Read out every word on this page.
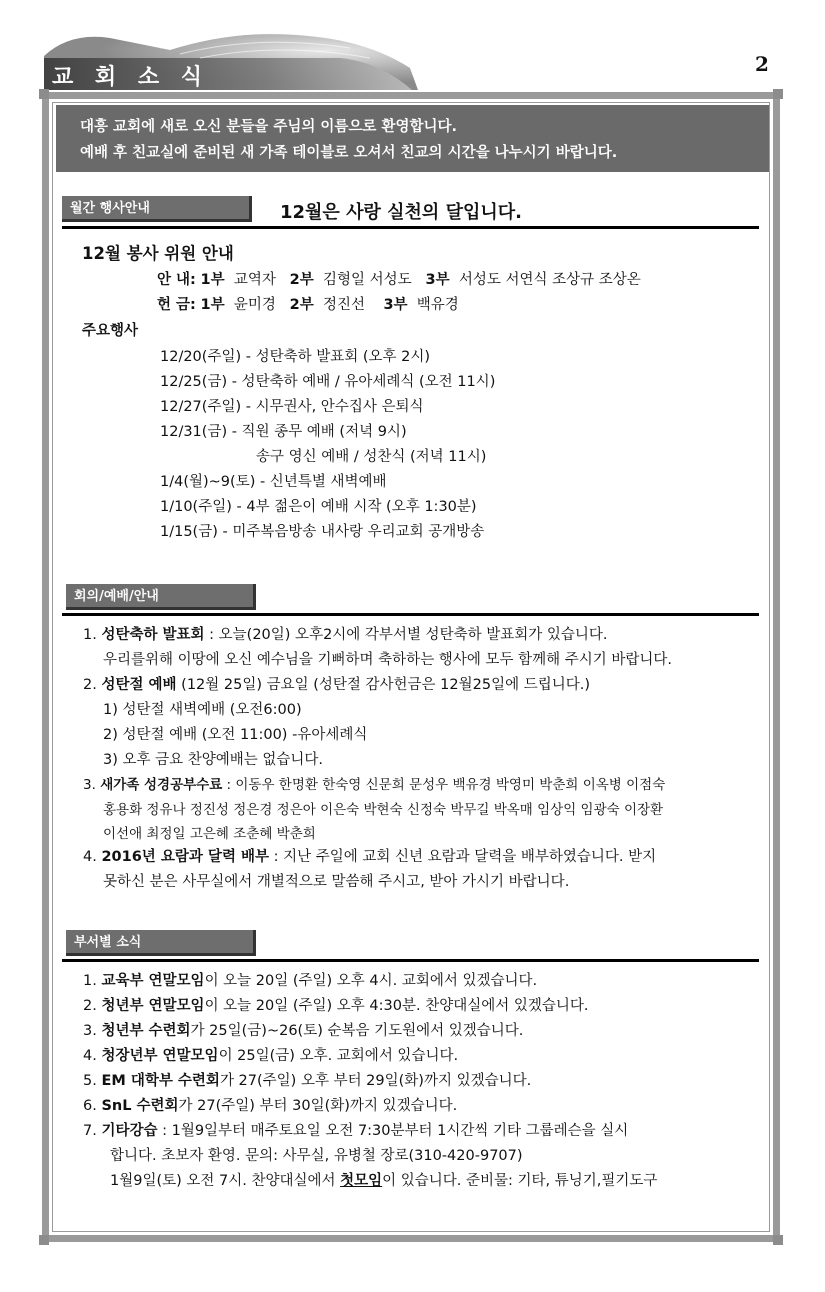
교 회 소 식
2
대흥 교회에 새로 오신 분들을 주님의 이름으로 환영합니다.
예배 후 친교실에 준비된 새 가족 테이블로 오셔서 친교의 시간을 나누시기 바랍니다.
월간 행사안내	12월은 사랑 실천의 달입니다.
12월 봉사 위원 안내
안 내: 1부 교역자 2부 김형일 서성도 3부 서성도 서연식 조상규 조상온
헌 금: 1부 윤미경 2부 정진선 3부 백유경
주요행사
12/20(주일) - 성탄축하 발표회 (오후 2시)
12/25(금) - 성탄축하 예배 / 유아세례식 (오전 11시)
12/27(주일) - 시무권사, 안수집사 은퇴식
12/31(금) - 직원 종무 예배 (저녁 9시)
송구 영신 예배 / 성찬식 (저녁 11시)
1/4(월)~9(토) - 신년특별 새벽예배
1/10(주일) - 4부 젊은이 예배 시작 (오후 1:30분)
1/15(금) - 미주복음방송 내사랑 우리교회 공개방송
회의/예배/안내
1. 성탄축하 발표회 : 오늘(20일) 오후2시에 각부서별 성탄축하 발표회가 있습니다.
우리를위해 이땅에 오신 예수님을 기뻐하며 축하하는 행사에 모두 함께해 주시기 바랍니다.
2. 성탄절 예배 (12월 25일) 금요일 (성탄절 감사헌금은 12월25일에 드립니다.)
1) 성탄절 새벽예배 (오전6:00)
2) 성탄절 예배 (오전 11:00) -유아세례식
3) 오후 금요 찬양예배는 없습니다.
3. 새가족 성경공부수료 : 이동우 한명환 한숙영 신문희 문성우 백유경 박영미 박춘희 이옥병 이점숙
홍용화 정유나 정진성 정은경 정은아 이은숙 박현숙 신정숙 박무길 박옥매 임상익 임광숙 이장환
이선애 최정일 고은혜 조춘혜 박춘희
4. 2016년 요람과 달력 배부 : 지난 주일에 교회 신년 요람과 달력을 배부하였습니다. 받지
못하신 분은 사무실에서 개별적으로 말씀해 주시고, 받아 가시기 바랍니다.
부서별 소식
1. 교육부 연말모임이 오늘 20일 (주일) 오후 4시. 교회에서 있겠습니다.
2. 청년부 연말모임이 오늘 20일 (주일) 오후 4:30분. 찬양대실에서 있겠습니다.
3. 청년부 수련회가 25일(금)~26(토) 순복음 기도원에서 있겠습니다.
4. 청장년부 연말모임이 25일(금) 오후. 교회에서 있습니다.
5. EM 대학부 수련회가 27(주일) 오후 부터 29일(화)까지 있겠습니다.
6. SnL 수련회가 27(주일) 부터 30일(화)까지 있겠습니다.
7. 기타강습 : 1월9일부터 매주토요일 오전 7:30분부터 1시간씩 기타 그룹레슨을 실시
합니다. 초보자 환영. 문의: 사무실, 유병철 장로(310-420-9707)
1월9일(토) 오전 7시. 찬양대실에서 첫모임이 있습니다. 준비물: 기타, 튜닝기,필기도구
